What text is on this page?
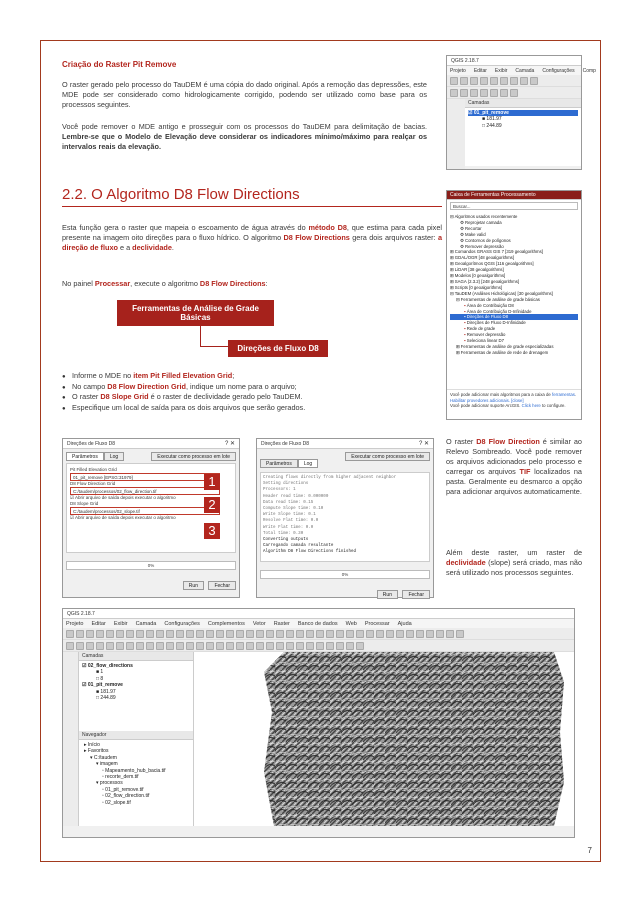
Criação do Raster Pit Remove
O raster gerado pelo processo do TauDEM é uma cópia do dado original. Após a remoção das depressões, este MDE pode ser considerado como hidrologicamente corrigido, podendo ser utilizado como base para os processos seguintes.
Você pode remover o MDE antigo e prosseguir com os processos do TauDEM para delimitação de bacias. Lembre-se que o Modelo de Elevação deve considerar os indicadores mínimo/máximo para realçar os intervalos reais da elevação.
QGIS 2.18.7
Projeto Editar Exibir Camada Configurações Comp
Camadas
☑ 01_pit_remove
■ 181.97
□ 244.89
2.2. O Algoritmo D8 Flow Directions
Esta função gera o raster que mapeia o escoamento de água através do método D8, que estima para cada pixel presente na imagem oito direções para o fluxo hídrico. O algoritmo D8 Flow Directions gera dois arquivos raster: a direção de fluxo e a declividade.
No painel Processar, execute o algoritmo D8 Flow Directions:
Ferramentas de Análise de Grade Básicas
Direções de Fluxo D8
● Informe o MDE no item Pit Filled Elevation Grid;
● No campo D8 Flow Direction Grid, indique um nome para o arquivo;
● O raster D8 Slope Grid é o raster de declividade gerado pelo TauDEM.
● Especifique um local de saída para os dois arquivos que serão gerados.
Caixa de Ferramentas Processamento
Buscar...
⊟ Algoritmos usados recentemente
⚙ Reprojetar camada
⚙ Recortar
⚙ Make valid
⚙ Contornos de polígonos
⚙ Remover depressão
⊞ Comandos GRASS GIS 7 [319 geoalgorithms]
⊞ GDAL/OGR [48 geoalgorithms]
⊞ Geoalgorítmos QGIS [116 geoalgorithms]
⊞ LiDAR [38 geoalgorithms]
⊞ Modelos [0 geoalgorithms]
⊞ SAGA (2.3.2) [248 geoalgorithms]
⊞ Scripts [0 geoalgorithms]
⊟ TauDEM (Análises Hidrológicas) [30 geoalgorithms]
⊟ Ferramentas de análise de grade básicas
▪ Área de Contribuição D8
▪ Área de Contribuição D-Infinidade
▪ Direções de Fluxo D8
▪ Direções de Fluxo D-Infinidade
▪ Rede de grade
▪ Remover depressão
▪ Seleciona linear D7
⊞ Ferramentas de análise de grade especializadas
⊞ Ferramentas de análise de rede de drenagem
Você pode adicionar mais algoritmos para a caixa de ferramentas. Habilitar provedores adicionais. [close]
Você pode adicionar suporte ArcGIS. Click here to configure.
Direções de Fluxo D8	? ✕
Parâmetros Log	Executar como processo em lote
Pit Filled Elevation Grid
01_pit_remove [EPSG:31979]
D8 Flow Direction Grid
C:/taudem/processos/02_flow_direction.tif
☑ Abrir arquivo de saída depois executar o algoritmo
D8 Slope Grid
C:/taudem/processos/02_slope.tif
☑ Abrir arquivo de saída depois executar o algoritmo
0%
Run	Fechar
1
2
3
Direções de Fluxo D8	? ✕
Parâmetros Log
Executar como processo em lote
Creating flows directly from higher adjacent neighbor
Setting directions
Processors: 1
Header read time: 0.000000
Data read time: 0.15
Compute Slope time: 0.10
Write Slope time: 0.1
Resolve Flat time: 0.0
Write Flat time: 0.0
Total time: 0.30
Converting outputs
Carregando camada resultante
Algorithm D8 Flow Directions finished
0%
Run	Fechar
O raster D8 Flow Direction é similar ao Relevo Sombreado. Você pode remover os arquivos adicionados pelo processo e carregar os arquivos TIF localizados na pasta. Geralmente eu desmarco a opção para adicionar arquivos automaticamente.
Além deste raster, um raster de declividade (slope) será criado, mas não será utilizado nos processos seguintes.
QGIS 2.18.7
Projeto Editar Exibir Camada Configurações Complementos Vetor Raster Banco de dados Web Processar Ajuda
Camadas
☑ 02_flow_directions
■ 1
□ 8
☑ 01_pit_remove
■ 181.97
□ 244.89
Navegador
▸ Início
▸ Favoritos
▾ C:/taudem
▾ imagem
▫ Mapeamento_hub_bacia.tif
▫ recorte_dem.tif
▾ processos
▫ 01_pit_remove.tif
▫ 02_flow_direction.tif
▫ 02_slope.tif
7
